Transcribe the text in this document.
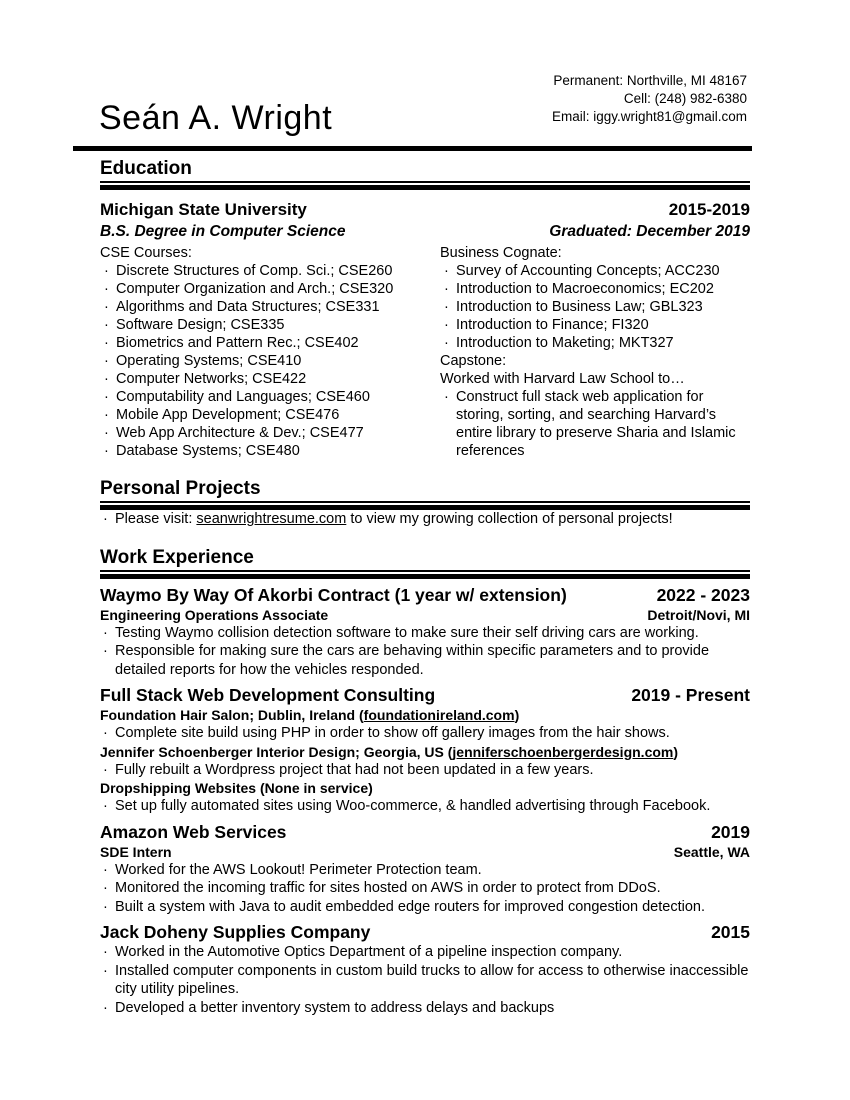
Permanent: Northville, MI 48167
Cell: (248) 982-6380
Email: iggy.wright81@gmail.com
Seán A. Wright
Education
Michigan State University	2015-2019
B.S. Degree in Computer Science	Graduated: December 2019
CSE Courses:
· Discrete Structures of Comp. Sci.; CSE260
· Computer Organization and Arch.; CSE320
· Algorithms and Data Structures; CSE331
· Software Design; CSE335
· Biometrics and Pattern Rec.; CSE402
· Operating Systems; CSE410
· Computer Networks; CSE422
· Computability and Languages; CSE460
· Mobile App Development; CSE476
· Web App Architecture & Dev.; CSE477
· Database Systems; CSE480
Business Cognate:
· Survey of Accounting Concepts; ACC230
· Introduction to Macroeconomics; EC202
· Introduction to Business Law; GBL323
· Introduction to Finance; FI320
· Introduction to Maketing; MKT327
Capstone:
Worked with Harvard Law School to…
· Construct full stack web application for storing, sorting, and searching Harvard’s entire library to preserve Sharia and Islamic references
Personal Projects
· Please visit: seanwrightresume.com to view my growing collection of personal projects!
Work Experience
Waymo By Way Of Akorbi Contract (1 year w/ extension)	2022 - 2023
Engineering Operations Associate	Detroit/Novi, MI
· Testing Waymo collision detection software to make sure their self driving cars are working.
· Responsible for making sure the cars are behaving within specific parameters and to provide detailed reports for how the vehicles responded.
Full Stack Web Development Consulting	2019 - Present
Foundation Hair Salon; Dublin, Ireland (foundationireland.com)
· Complete site build using PHP in order to show off gallery images from the hair shows.
Jennifer Schoenberger Interior Design; Georgia, US (jenniferschoenbergerdesign.com)
· Fully rebuilt a Wordpress project that had not been updated in a few years.
Dropshipping Websites (None in service)
· Set up fully automated sites using Woo-commerce, & handled advertising through Facebook.
Amazon Web Services	2019
SDE Intern	Seattle, WA
· Worked for the AWS Lookout! Perimeter Protection team.
· Monitored the incoming traffic for sites hosted on AWS in order to protect from DDoS.
· Built a system with Java to audit embedded edge routers for improved congestion detection.
Jack Doheny Supplies Company	2015
· Worked in the Automotive Optics Department of a pipeline inspection company.
· Installed computer components in custom build trucks to allow for access to otherwise inaccessible city utility pipelines.
· Developed a better inventory system to address delays and backups
